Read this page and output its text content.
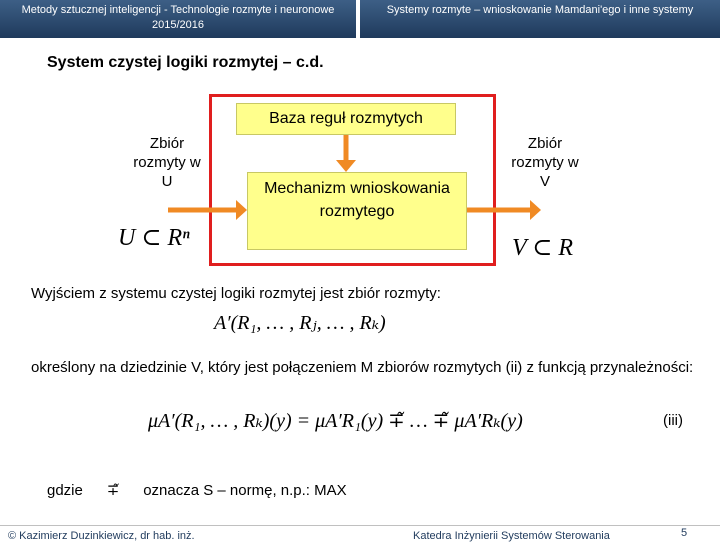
Metody sztucznej inteligencji - Technologie rozmyte i neuronowe 2015/2016
Systemy rozmyte – wnioskowanie Mamdani'ego i inne systemy
System czystej logiki rozmytej – c.d.
Baza reguł rozmytych
Mechanizm wnioskowania rozmytego
Zbiór rozmyty w U
Zbiór rozmyty w V
U ⊂ Rⁿ	V ⊂ R
Wyjściem z systemu czystej logiki rozmytej jest zbiór rozmyty:
A′(R₁, … , Rⱼ, … , Rₖ)
określony na dziedzinie V, który jest połączeniem M zbiorów rozmytych (ii) z funkcją przynależności:
μA′(R₁, … , Rₖ)(y) = μA′R₁(y) ∓̃ … ∓̃ μA′Rₖ(y)	(iii)
gdzie ∓̃ oznacza S – normę, n.p.: MAX
© Kazimierz Duzinkiewicz, dr hab. inż.	Katedra Inżynierii Systemów Sterowania	5
